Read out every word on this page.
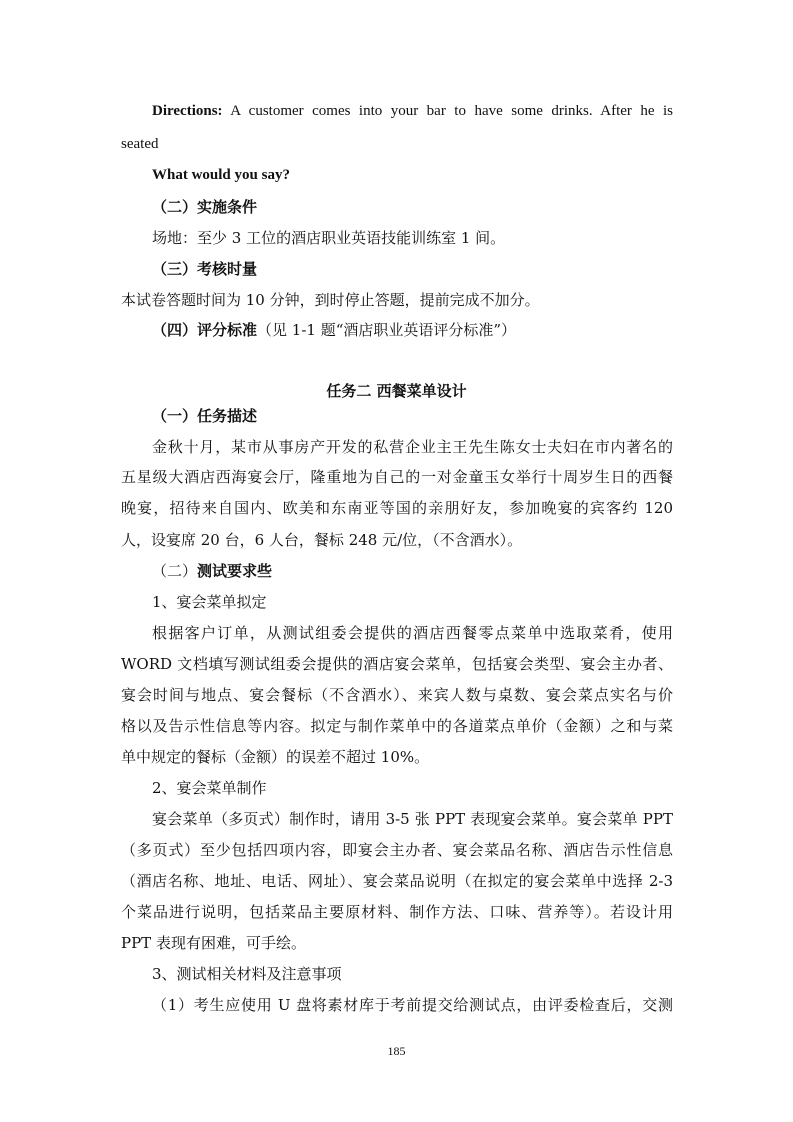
Directions: A customer comes into your bar to have some drinks. After he is
seated
What would you say?
（二）实施条件
场地：至少 3 工位的酒店职业英语技能训练室 1 间。
（三）考核时量
本试卷答题时间为 10 分钟，到时停止答题，提前完成不加分。
（四）评分标准（见 1-1 题“酒店职业英语评分标准”）
任务二 西餐菜单设计
（一）任务描述
金秋十月，某市从事房产开发的私营企业主王先生陈女士夫妇在市内著名的
五星级大酒店西海宴会厅，隆重地为自己的一对金童玉女举行十周岁生日的西餐
晚宴，招待来自国内、欧美和东南亚等国的亲朋好友，参加晚宴的宾客约 120
人，设宴席 20 台，6 人台，餐标 248 元/位，（不含酒水）。
（二）测试要求些
1、宴会菜单拟定
根据客户订单，从测试组委会提供的酒店西餐零点菜单中选取菜肴，使用
WORD 文档填写测试组委会提供的酒店宴会菜单，包括宴会类型、宴会主办者、
宴会时间与地点、宴会餐标（不含酒水）、来宾人数与桌数、宴会菜点实名与价
格以及告示性信息等内容。拟定与制作菜单中的各道菜点单价（金额）之和与菜
单中规定的餐标（金额）的误差不超过 10%。
2、宴会菜单制作
宴会菜单（多页式）制作时，请用 3-5 张 PPT 表现宴会菜单。宴会菜单 PPT
（多页式）至少包括四项内容，即宴会主办者、宴会菜品名称、酒店告示性信息
（酒店名称、地址、电话、网址）、宴会菜品说明（在拟定的宴会菜单中选择 2-3
个菜品进行说明，包括菜品主要原材料、制作方法、口味、营养等）。若设计用
PPT 表现有困难，可手绘。
3、测试相关材料及注意事项
（1）考生应使用 U 盘将素材库于考前提交给测试点，由评委检查后，交测
185
